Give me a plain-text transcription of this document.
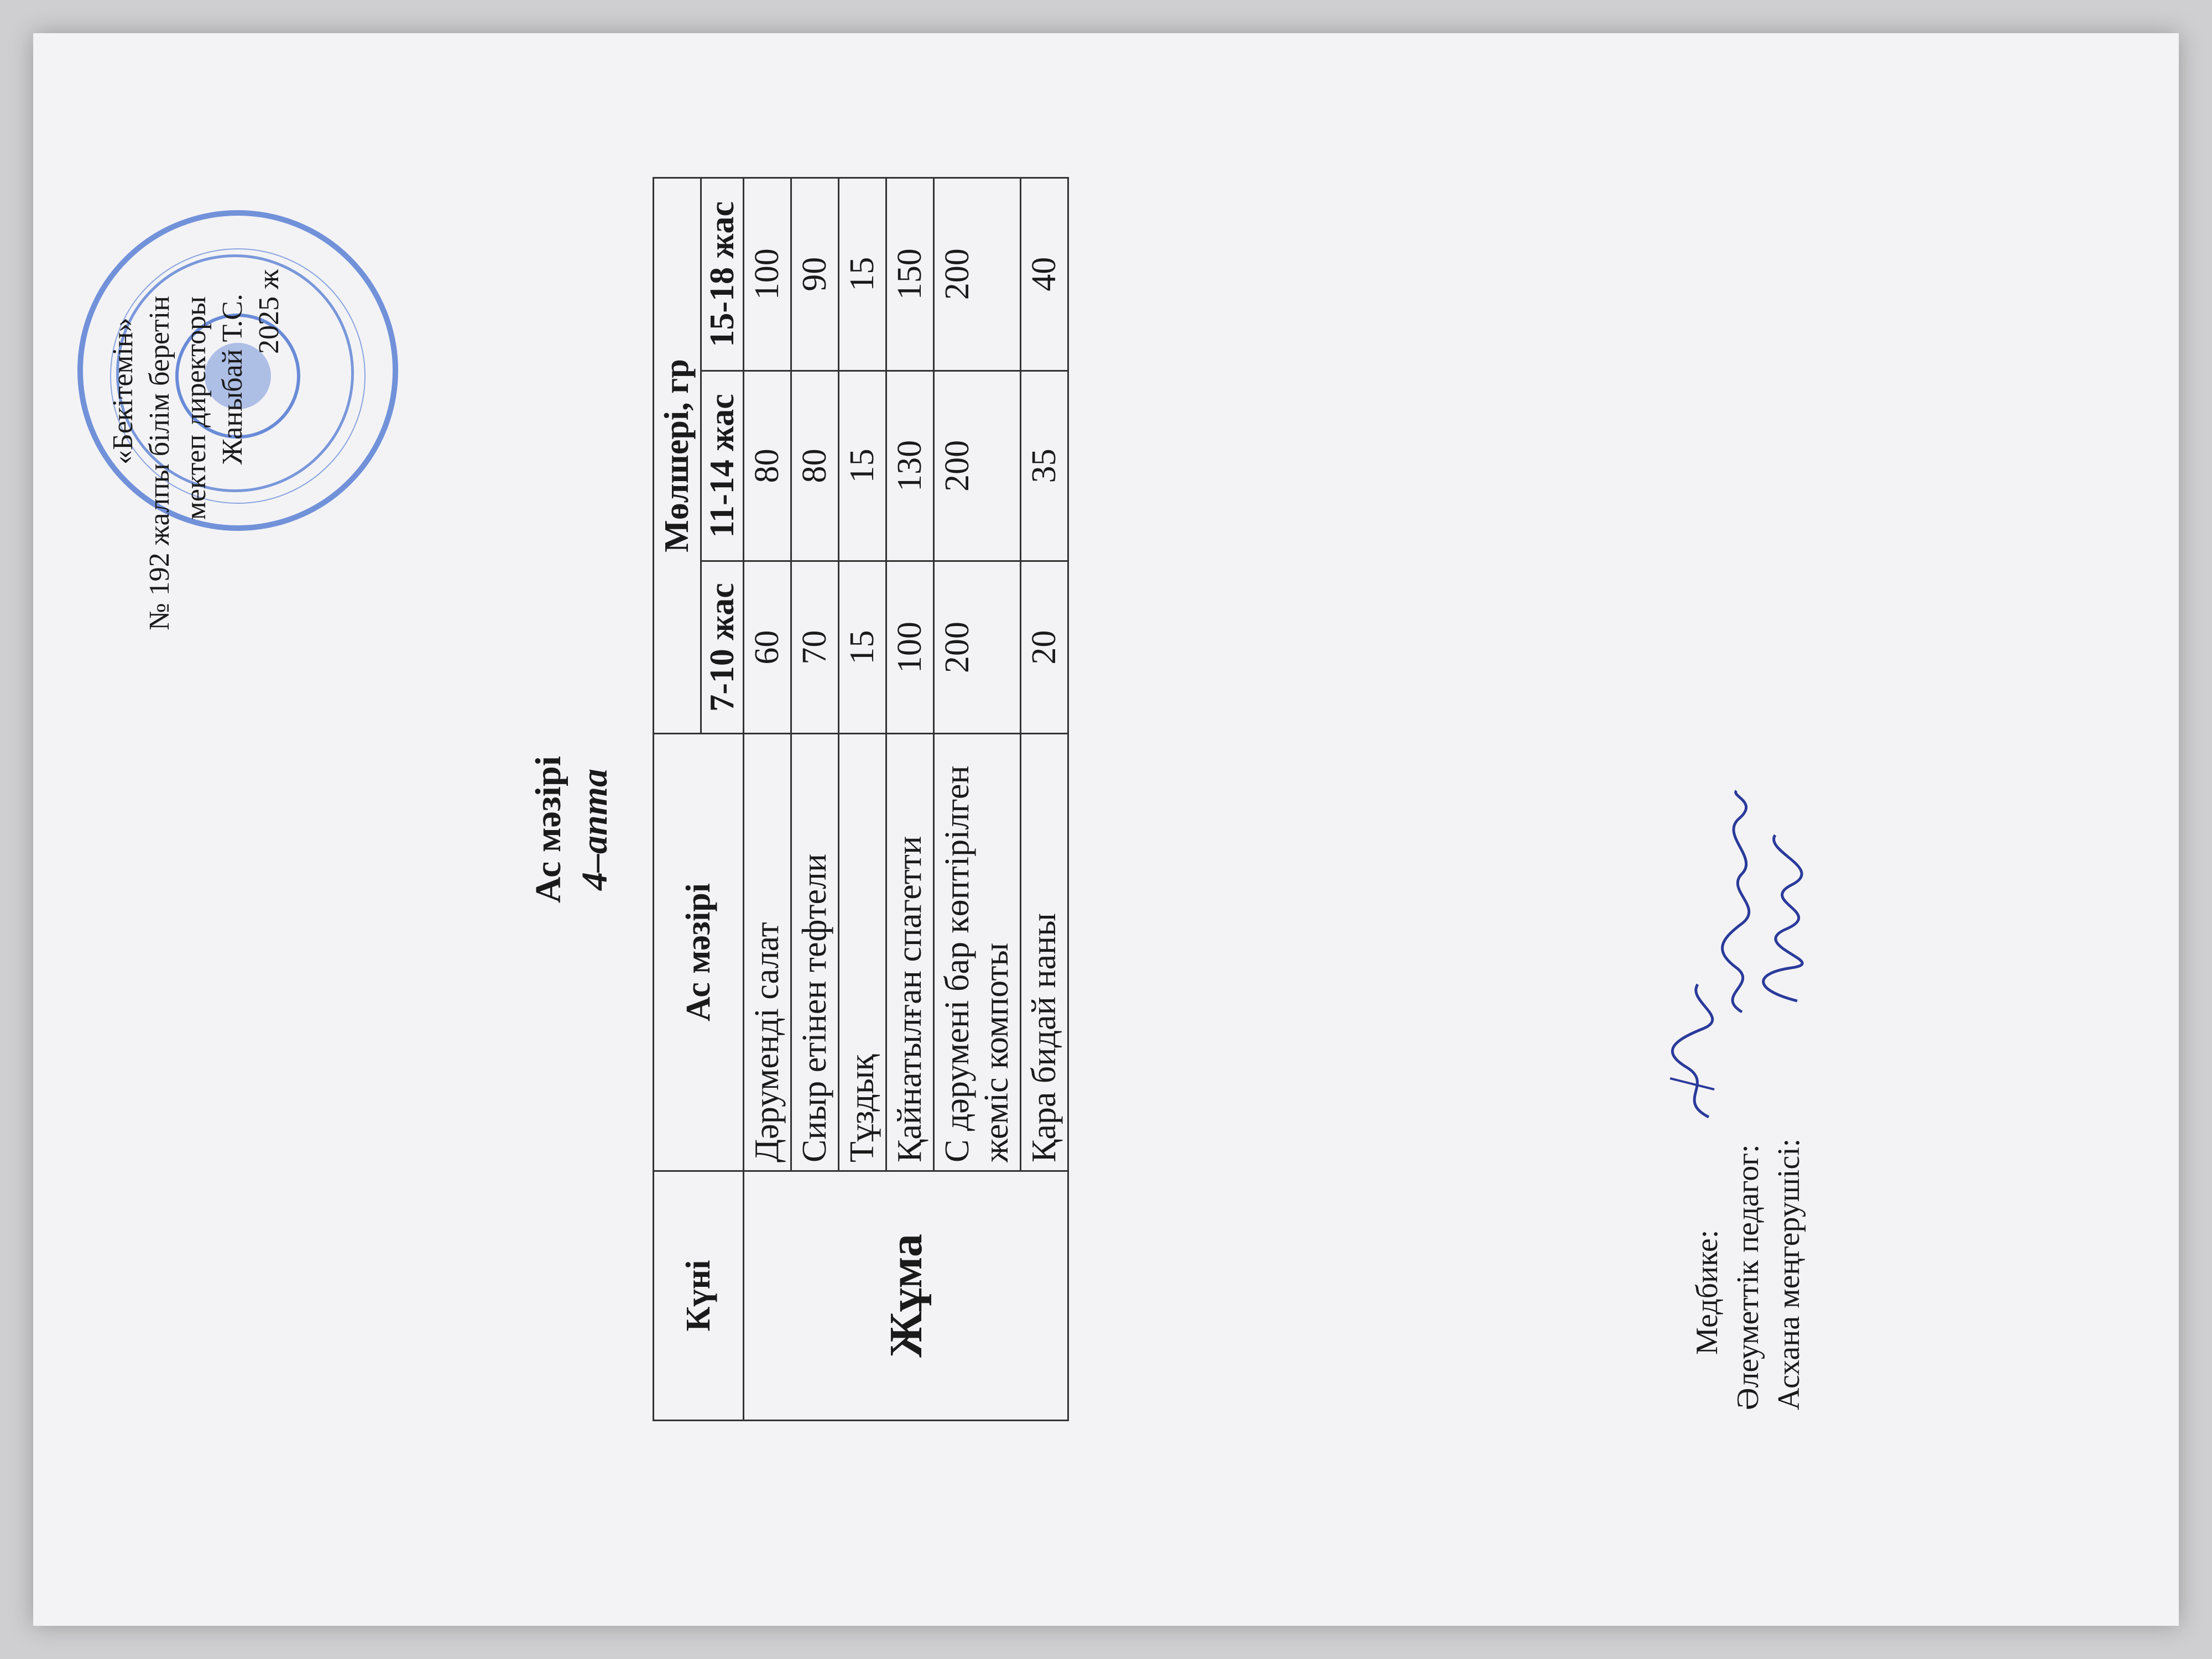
«Бекітемін» № 192 жалпы білім беретін мектеп директоры Жаныбай Т.С. 2025 ж
Ас мәзірі 4–апта
Күні	Ас мәзірі	Мөлшері, гр		
		7-10 жас	11-14 жас	15-18 жас
Жұма	Дәруменді салат	60	80	100
	Сиыр етінен тефтели	70	80	90
	Тұздық	15	15	15
	Қайнатылған спагетти	100	130	150
	С дәрумені бар көптірілген жеміс компоты	200	200	200
	Қара бидай наны	20	35	40
Медбике: Әлеуметтік педагог: Асхана меңгерушісі:
